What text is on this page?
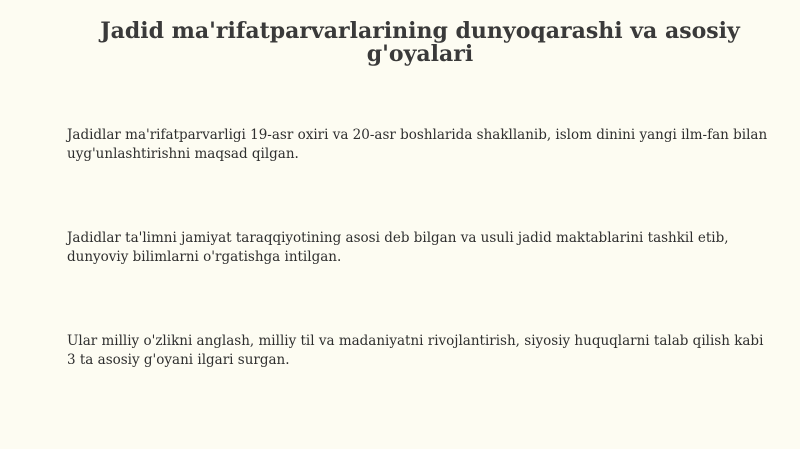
Jadid ma'rifatparvarlarining dunyoqarashi va asosiy g'oyalari

Jadidlar ma'rifatparvarligi 19-asr oxiri va 20-asr boshlarida shakllanib, islom dinini yangi ilm-fan bilan uyg'unlashtirishni maqsad qilgan.

Jadidlar ta'limni jamiyat taraqqiyotining asosi deb bilgan va usuli jadid maktablarini tashkil etib, dunyoviy bilimlarni o'rgatishga intilgan.

Ular milliy o'zlikni anglash, milliy til va madaniyatni rivojlantirish, siyosiy huquqlarni talab qilish kabi 3 ta asosiy g'oyani ilgari surgan.
